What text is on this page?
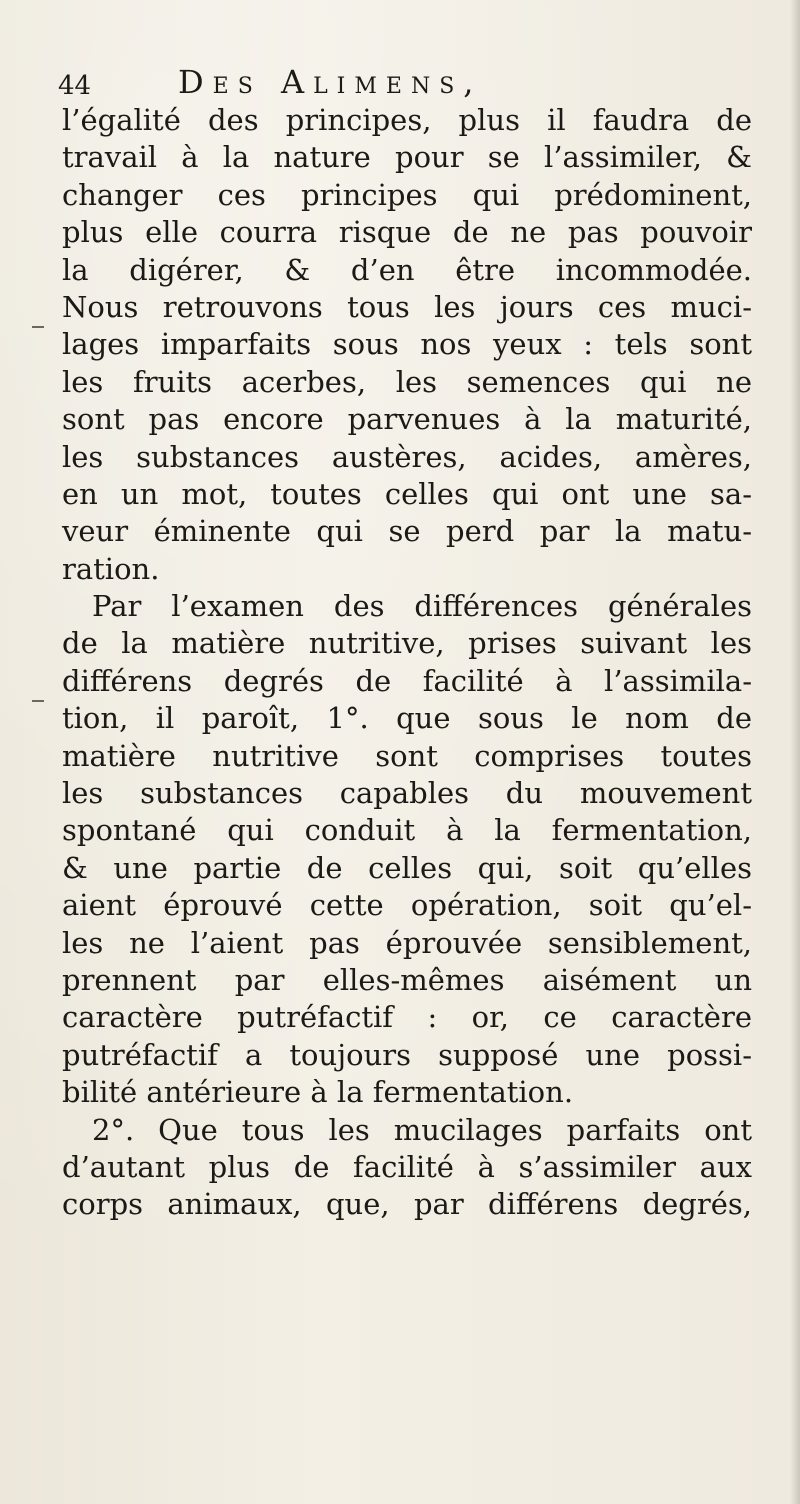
44	Des Alimens,
l’égalité des principes, plus il faudra de
travail à la nature pour se l’assimiler, &
changer ces principes qui prédominent,
plus elle courra risque de ne pas pouvoir
la digérer, & d’en être incommodée.
Nous retrouvons tous les jours ces muci-
lages imparfaits sous nos yeux : tels sont
les fruits acerbes, les semences qui ne
sont pas encore parvenues à la maturité,
les substances austères, acides, amères,
en un mot, toutes celles qui ont une sa-
veur éminente qui se perd par la matu-
ration.
Par l’examen des différences générales
de la matière nutritive, prises suivant les
différens degrés de facilité à l’assimila-
tion, il paroît, 1°. que sous le nom de
matière nutritive sont comprises toutes
les substances capables du mouvement
spontané qui conduit à la fermentation,
& une partie de celles qui, soit qu’elles
aient éprouvé cette opération, soit qu’el-
les ne l’aient pas éprouvée sensiblement,
prennent par elles-mêmes aisément un
caractère putréfactif : or, ce caractère
putréfactif a toujours supposé une possi-
bilité antérieure à la fermentation.
2°. Que tous les mucilages parfaits ont
d’autant plus de facilité à s’assimiler aux
corps animaux, que, par différens degrés,
